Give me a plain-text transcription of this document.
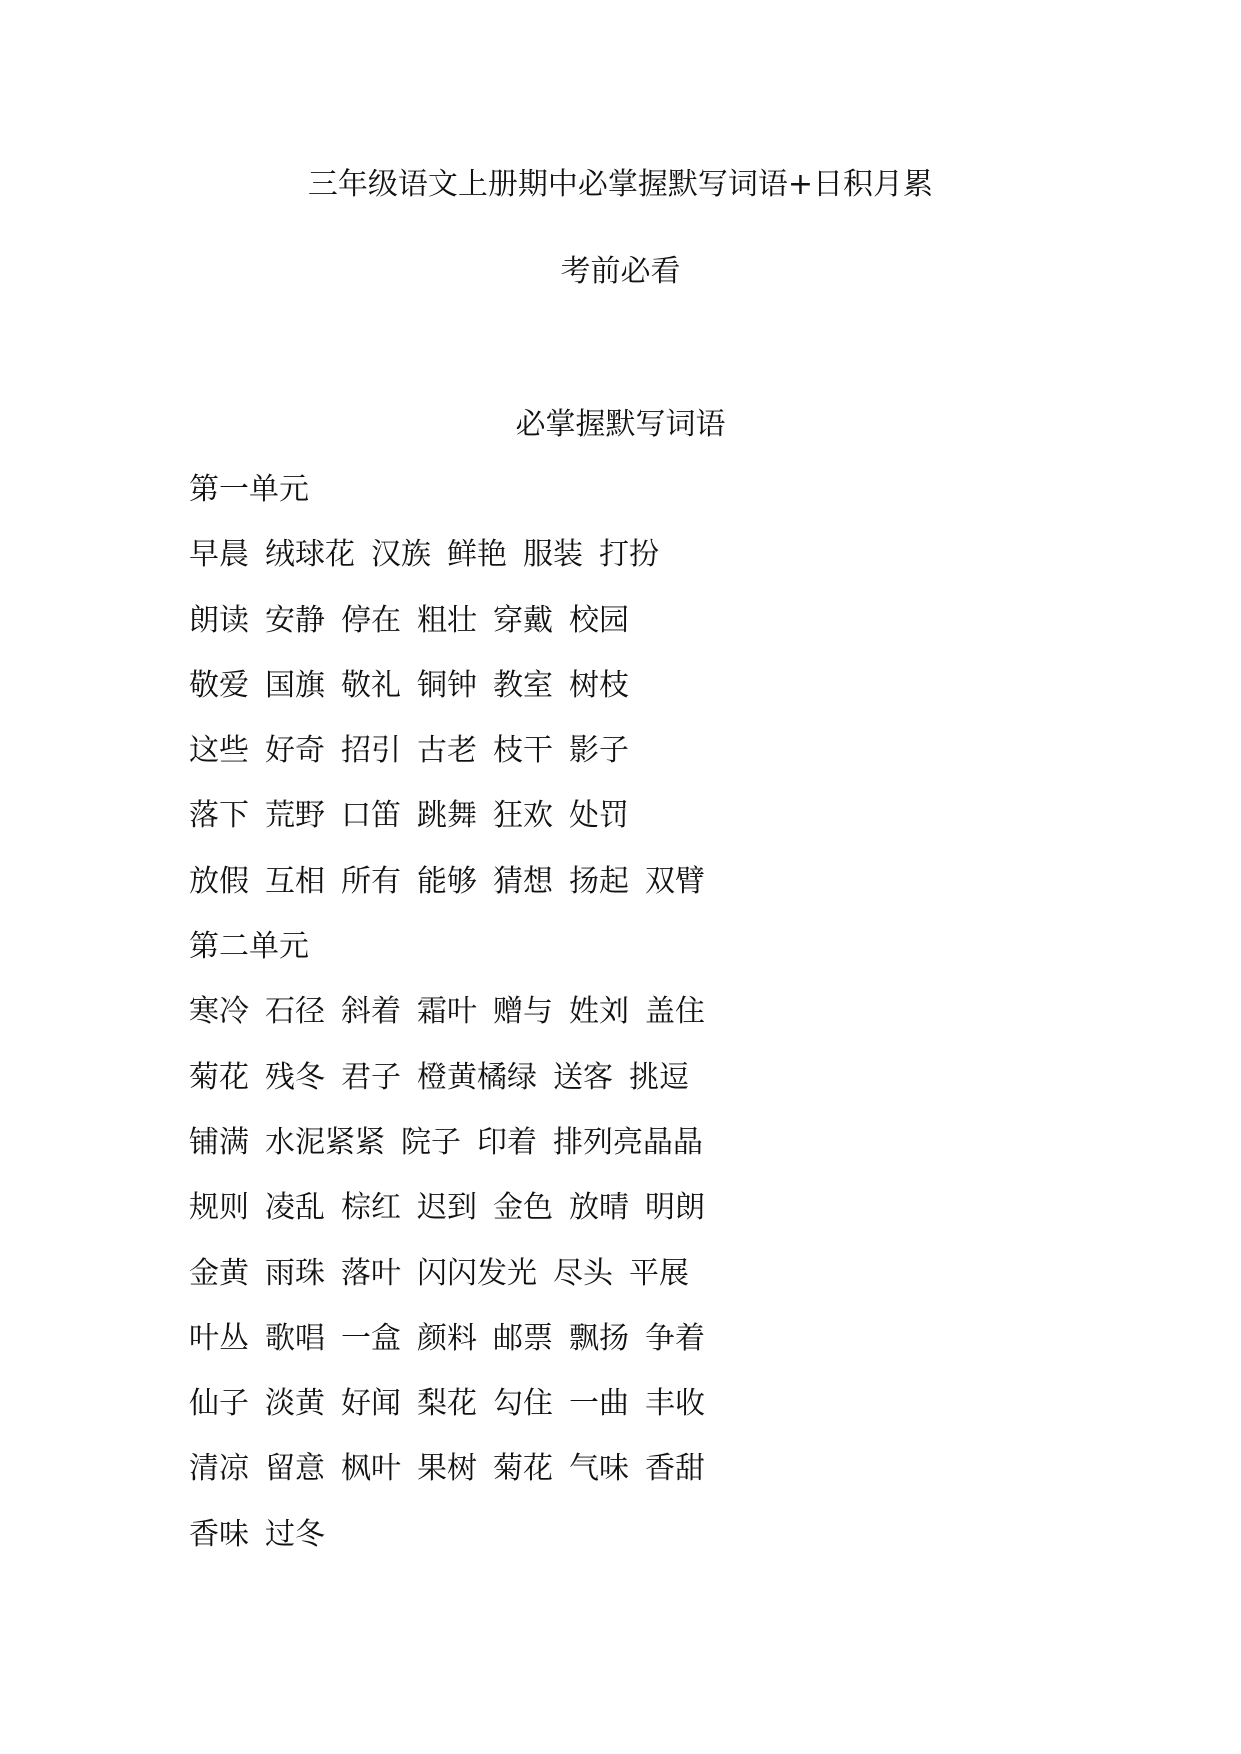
三年级语文上册期中必掌握默写词语+日积月累
考前必看
必掌握默写词语
第一单元
早晨 绒球花 汉族 鲜艳 服装 打扮
朗读 安静 停在 粗壮穿戴 校园
敬爱 国旗 敬礼 铜钟 教室 树枝
这些 好奇招引 古老 枝干 影子
落下 荒野 口笛 跳舞 狂欢 处罚
放假 互相 所有 能够 猜想 扬起 双臂
第二单元
寒冷 石径 斜着 霜叶 赠与 姓刘 盖住
菊花 残冬 君子 橙黄橘绿 送客 挑逗
铺满 水泥紧紧 院子 印着 排列亮晶晶
规则 凌乱 棕红 迟到 金色 放晴 明朗
金黄 雨珠 落叶 闪闪发光 尽头 平展
叶丛 歌唱 一盒 颜料 邮票 飘扬 争着
仙子 淡黄 好闻 梨花 勾住 一曲 丰收
清凉 留意 枫叶 果树 菊花 气味 香甜
香味 过冬
